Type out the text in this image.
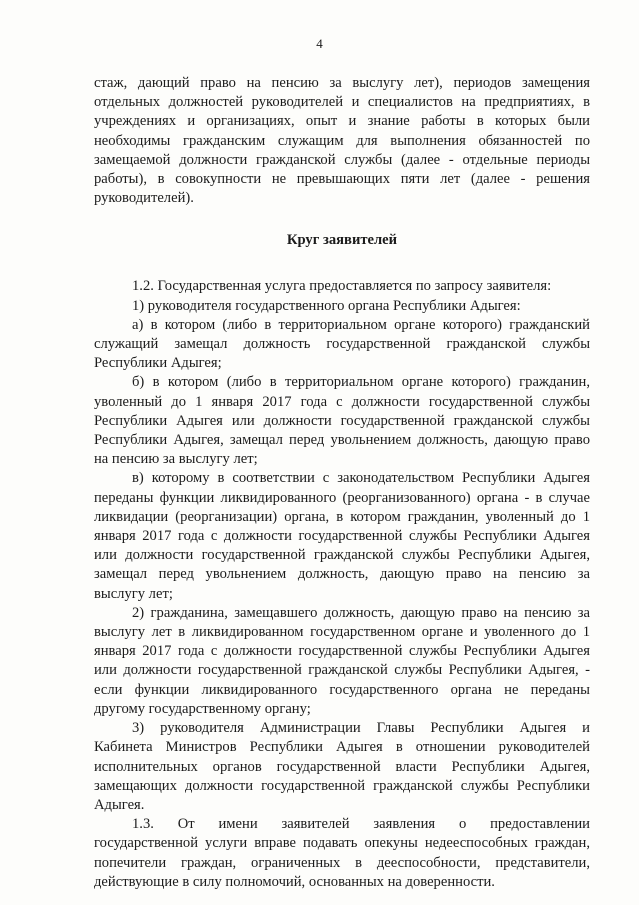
4

стаж, дающий право на пенсию за выслугу лет), периодов замещения

отдельных должностей руководителей и специалистов на предприятиях, в

учреждениях и организациях, опыт и знание работы в которых были

необходимы гражданским служащим для выполнения обязанностей по

замещаемой должности гражданской службы (далее - отдельные периоды

работы), в совокупности не превышающих пяти лет (далее - решения

руководителей).

Круг заявителей

1.2. Государственная услуга предоставляется по запросу заявителя:

1) руководителя государственного органа Республики Адыгея:

а) в котором (либо в территориальном органе которого) гражданский

служащий замещал должность государственной гражданской службы

Республики Адыгея;

б) в котором (либо в территориальном органе которого) гражданин,

уволенный до 1 января 2017 года с должности государственной службы

Республики Адыгея или должности государственной гражданской службы

Республики Адыгея, замещал перед увольнением должность, дающую право

на пенсию за выслугу лет;

в) которому в соответствии с законодательством Республики Адыгея

переданы функции ликвидированного (реорганизованного) органа - в случае

ликвидации (реорганизации) органа, в котором гражданин, уволенный до 1

января 2017 года с должности государственной службы Республики Адыгея

или должности государственной гражданской службы Республики Адыгея,

замещал перед увольнением должность, дающую право на пенсию за

выслугу лет;

2) гражданина, замещавшего должность, дающую право на пенсию за

выслугу лет в ликвидированном государственном органе и уволенного до 1

января 2017 года с должности государственной службы Республики Адыгея

или должности государственной гражданской службы Республики Адыгея, -

если функции ликвидированного государственного органа не переданы

другому государственному органу;

3) руководителя Администрации Главы Республики Адыгея и

Кабинета Министров Республики Адыгея в отношении руководителей

исполнительных органов государственной власти Республики Адыгея,

замещающих должности государственной гражданской службы Республики

Адыгея.

1.3. От имени заявителей заявления о предоставлении

государственной услуги вправе подавать опекуны недееспособных граждан,

попечители граждан, ограниченных в дееспособности, представители,

действующие в силу полномочий, основанных на доверенности.
